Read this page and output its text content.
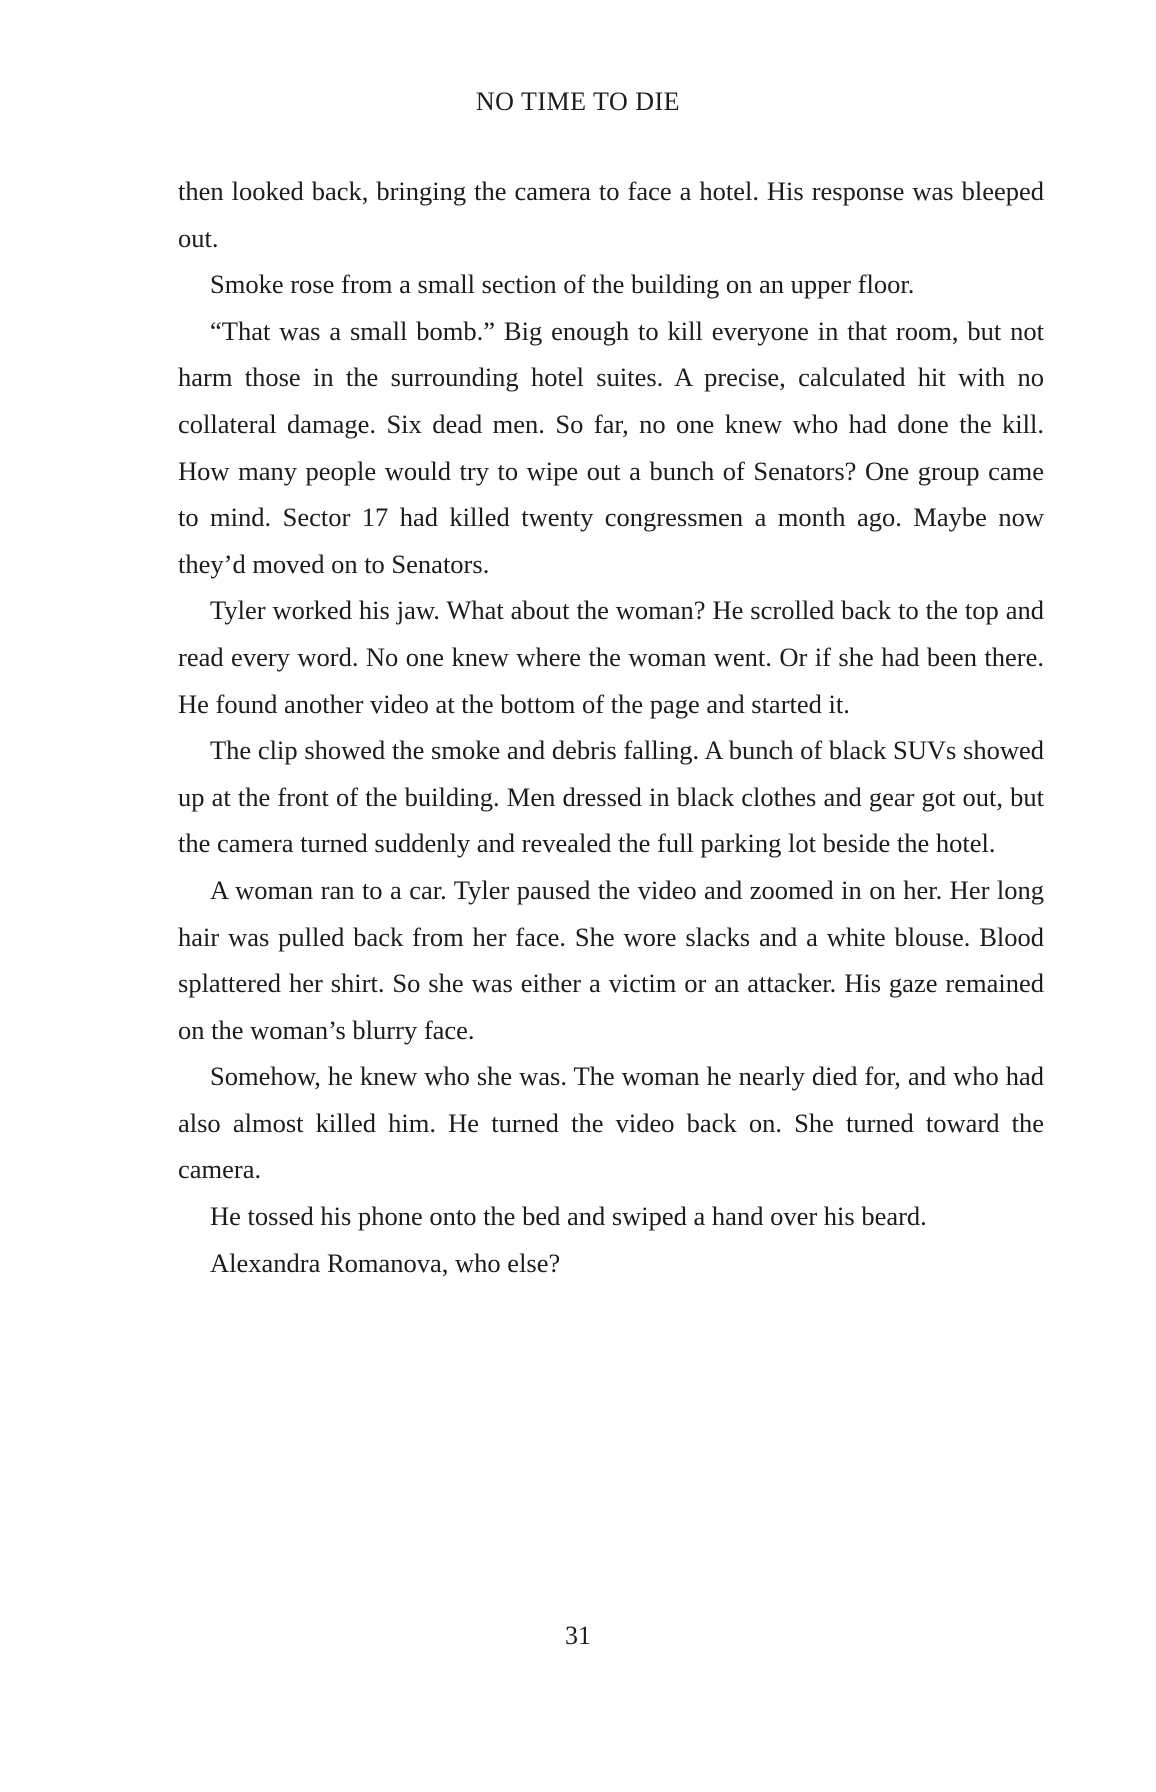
NO TIME TO DIE

then looked back, bringing the camera to face a hotel. His response was bleeped out.

Smoke rose from a small section of the building on an upper floor.

“That was a small bomb.” Big enough to kill everyone in that room, but not harm those in the surrounding hotel suites. A precise, calculated hit with no collateral damage. Six dead men. So far, no one knew who had done the kill. How many people would try to wipe out a bunch of Senators? One group came to mind. Sector 17 had killed twenty congressmen a month ago. Maybe now they’d moved on to Senators.

Tyler worked his jaw. What about the woman? He scrolled back to the top and read every word. No one knew where the woman went. Or if she had been there. He found another video at the bottom of the page and started it.

The clip showed the smoke and debris falling. A bunch of black SUVs showed up at the front of the building. Men dressed in black clothes and gear got out, but the camera turned suddenly and revealed the full parking lot beside the hotel.

A woman ran to a car. Tyler paused the video and zoomed in on her. Her long hair was pulled back from her face. She wore slacks and a white blouse. Blood splattered her shirt. So she was either a victim or an attacker. His gaze remained on the woman’s blurry face.

Somehow, he knew who she was. The woman he nearly died for, and who had also almost killed him. He turned the video back on. She turned toward the camera.

He tossed his phone onto the bed and swiped a hand over his beard.

Alexandra Romanova, who else?

31
